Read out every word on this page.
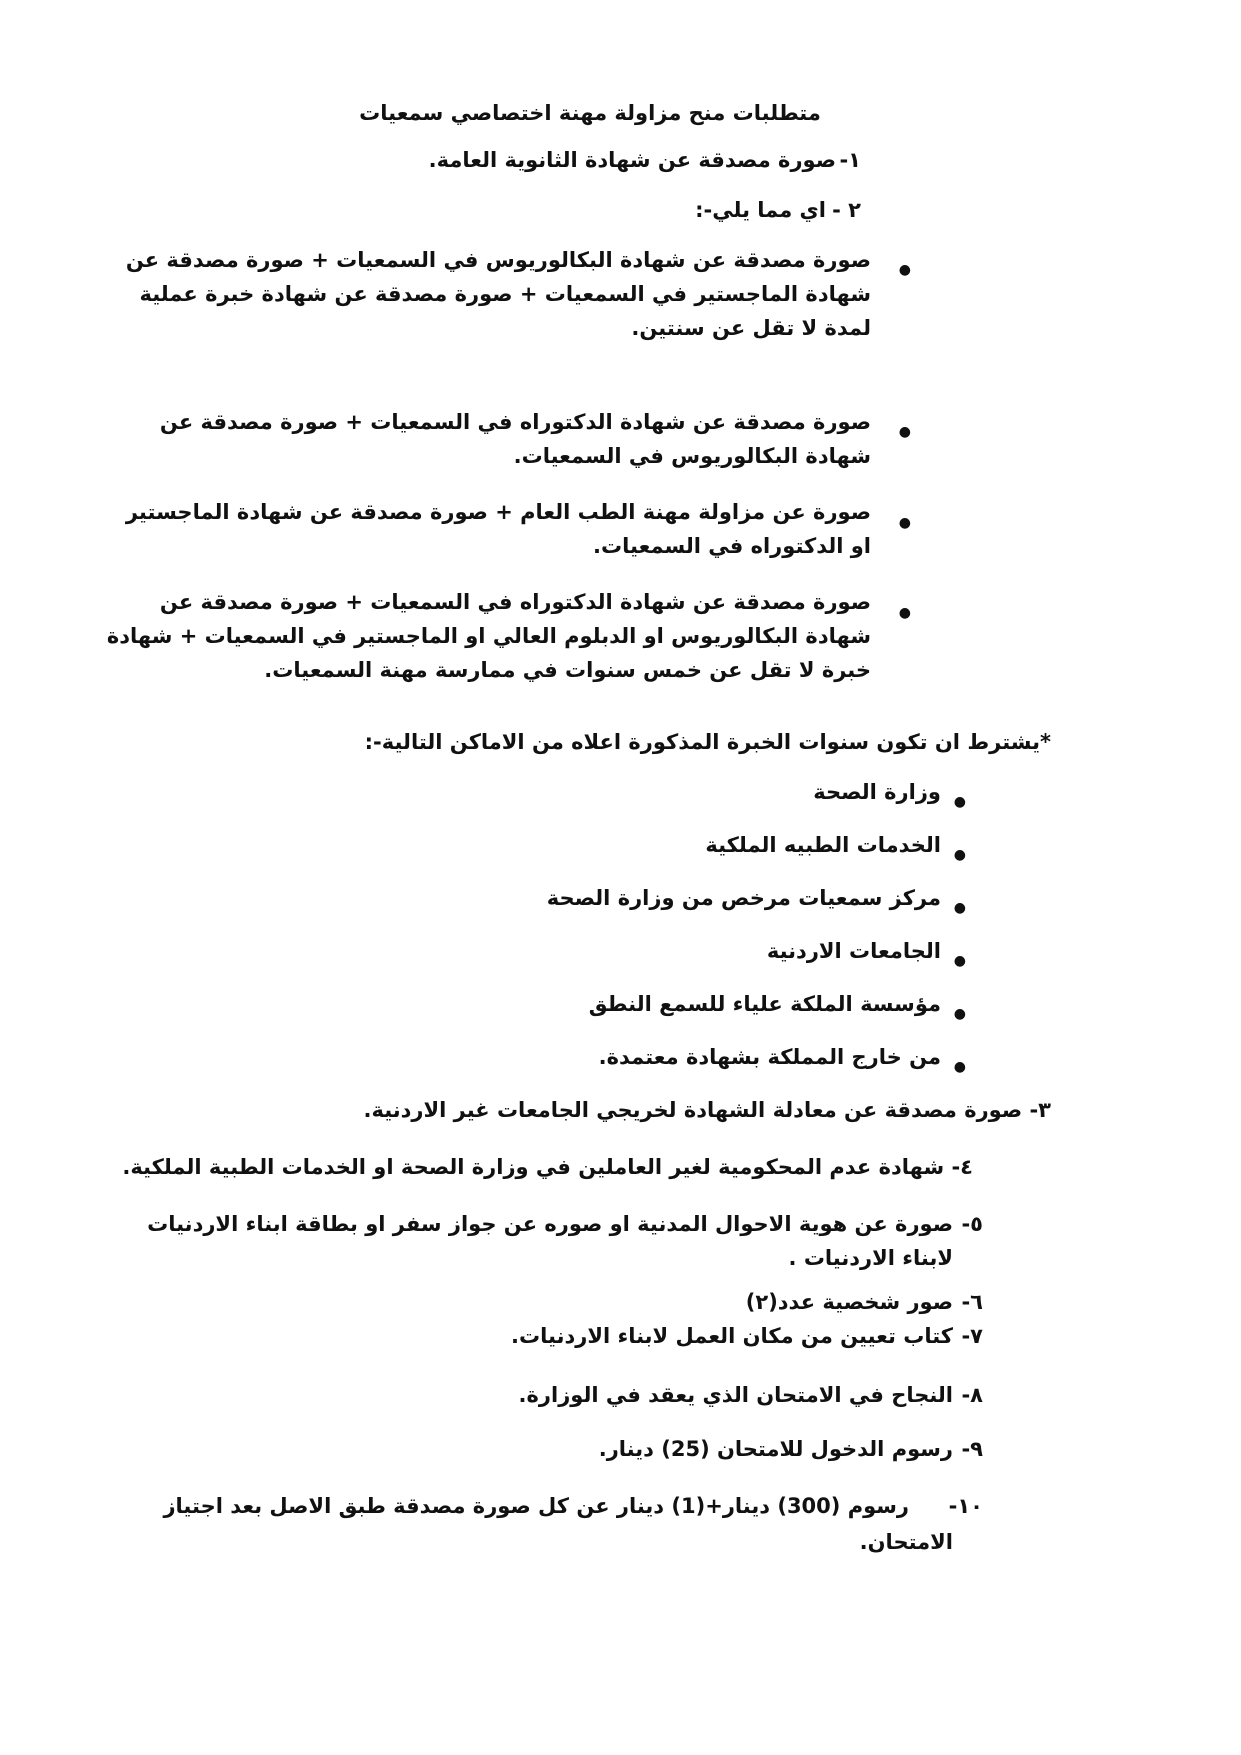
متطلبات منح مزاولة مهنة اختصاصي سمعيات

١-
صورة مصدقة عن شهادة الثانوية العامة.
٢ -
اي مما يلي-:
●
صورة مصدقة عن شهادة البكالوريوس في السمعيات + صورة مصدقة عن
شهادة الماجستير في السمعيات + صورة مصدقة عن شهادة خبرة عملية
لمدة لا تقل عن سنتين.
●
صورة مصدقة عن شهادة الدكتوراه في السمعيات + صورة مصدقة عن
شهادة البكالوريوس في السمعيات.
●
صورة عن مزاولة مهنة الطب العام + صورة مصدقة عن شهادة الماجستير
او الدكتوراه في السمعيات.
●
صورة مصدقة عن شهادة الدكتوراه في السمعيات + صورة مصدقة عن
شهادة البكالوريوس او الدبلوم العالي او الماجستير في السمعيات + شهادة
خبرة لا تقل عن خمس سنوات في ممارسة مهنة السمعيات.
*يشترط ان تكون سنوات الخبرة المذكورة اعلاه من الاماكن التالية-:
●
وزارة الصحة
●
الخدمات الطبيه الملكية
●
مركز سمعيات مرخص من وزارة الصحة
●
الجامعات الاردنية
●
مؤسسة الملكة علياء للسمع النطق
●
من خارج المملكة بشهادة معتمدة.
٣- صورة مصدقة عن معادلة الشهادة لخريجي الجامعات غير الاردنية.
٤- شهادة عدم المحكومية لغير العاملين في وزارة الصحة او الخدمات الطبية الملكية.
٥-
صورة عن هوية الاحوال المدنية او صوره عن جواز سفر او بطاقة ابناء الاردنيات
لابناء الاردنيات .
٦-
صور شخصية عدد(٢)
٧-
كتاب تعيين من مكان العمل لابناء الاردنيات.
٨-
النجاح في الامتحان الذي يعقد في الوزارة.
٩-
رسوم الدخول للامتحان (25) دينار.
١٠-
رسوم (300) دينار+(1) دينار عن كل صورة مصدقة طبق الاصل بعد اجتياز
الامتحان.
